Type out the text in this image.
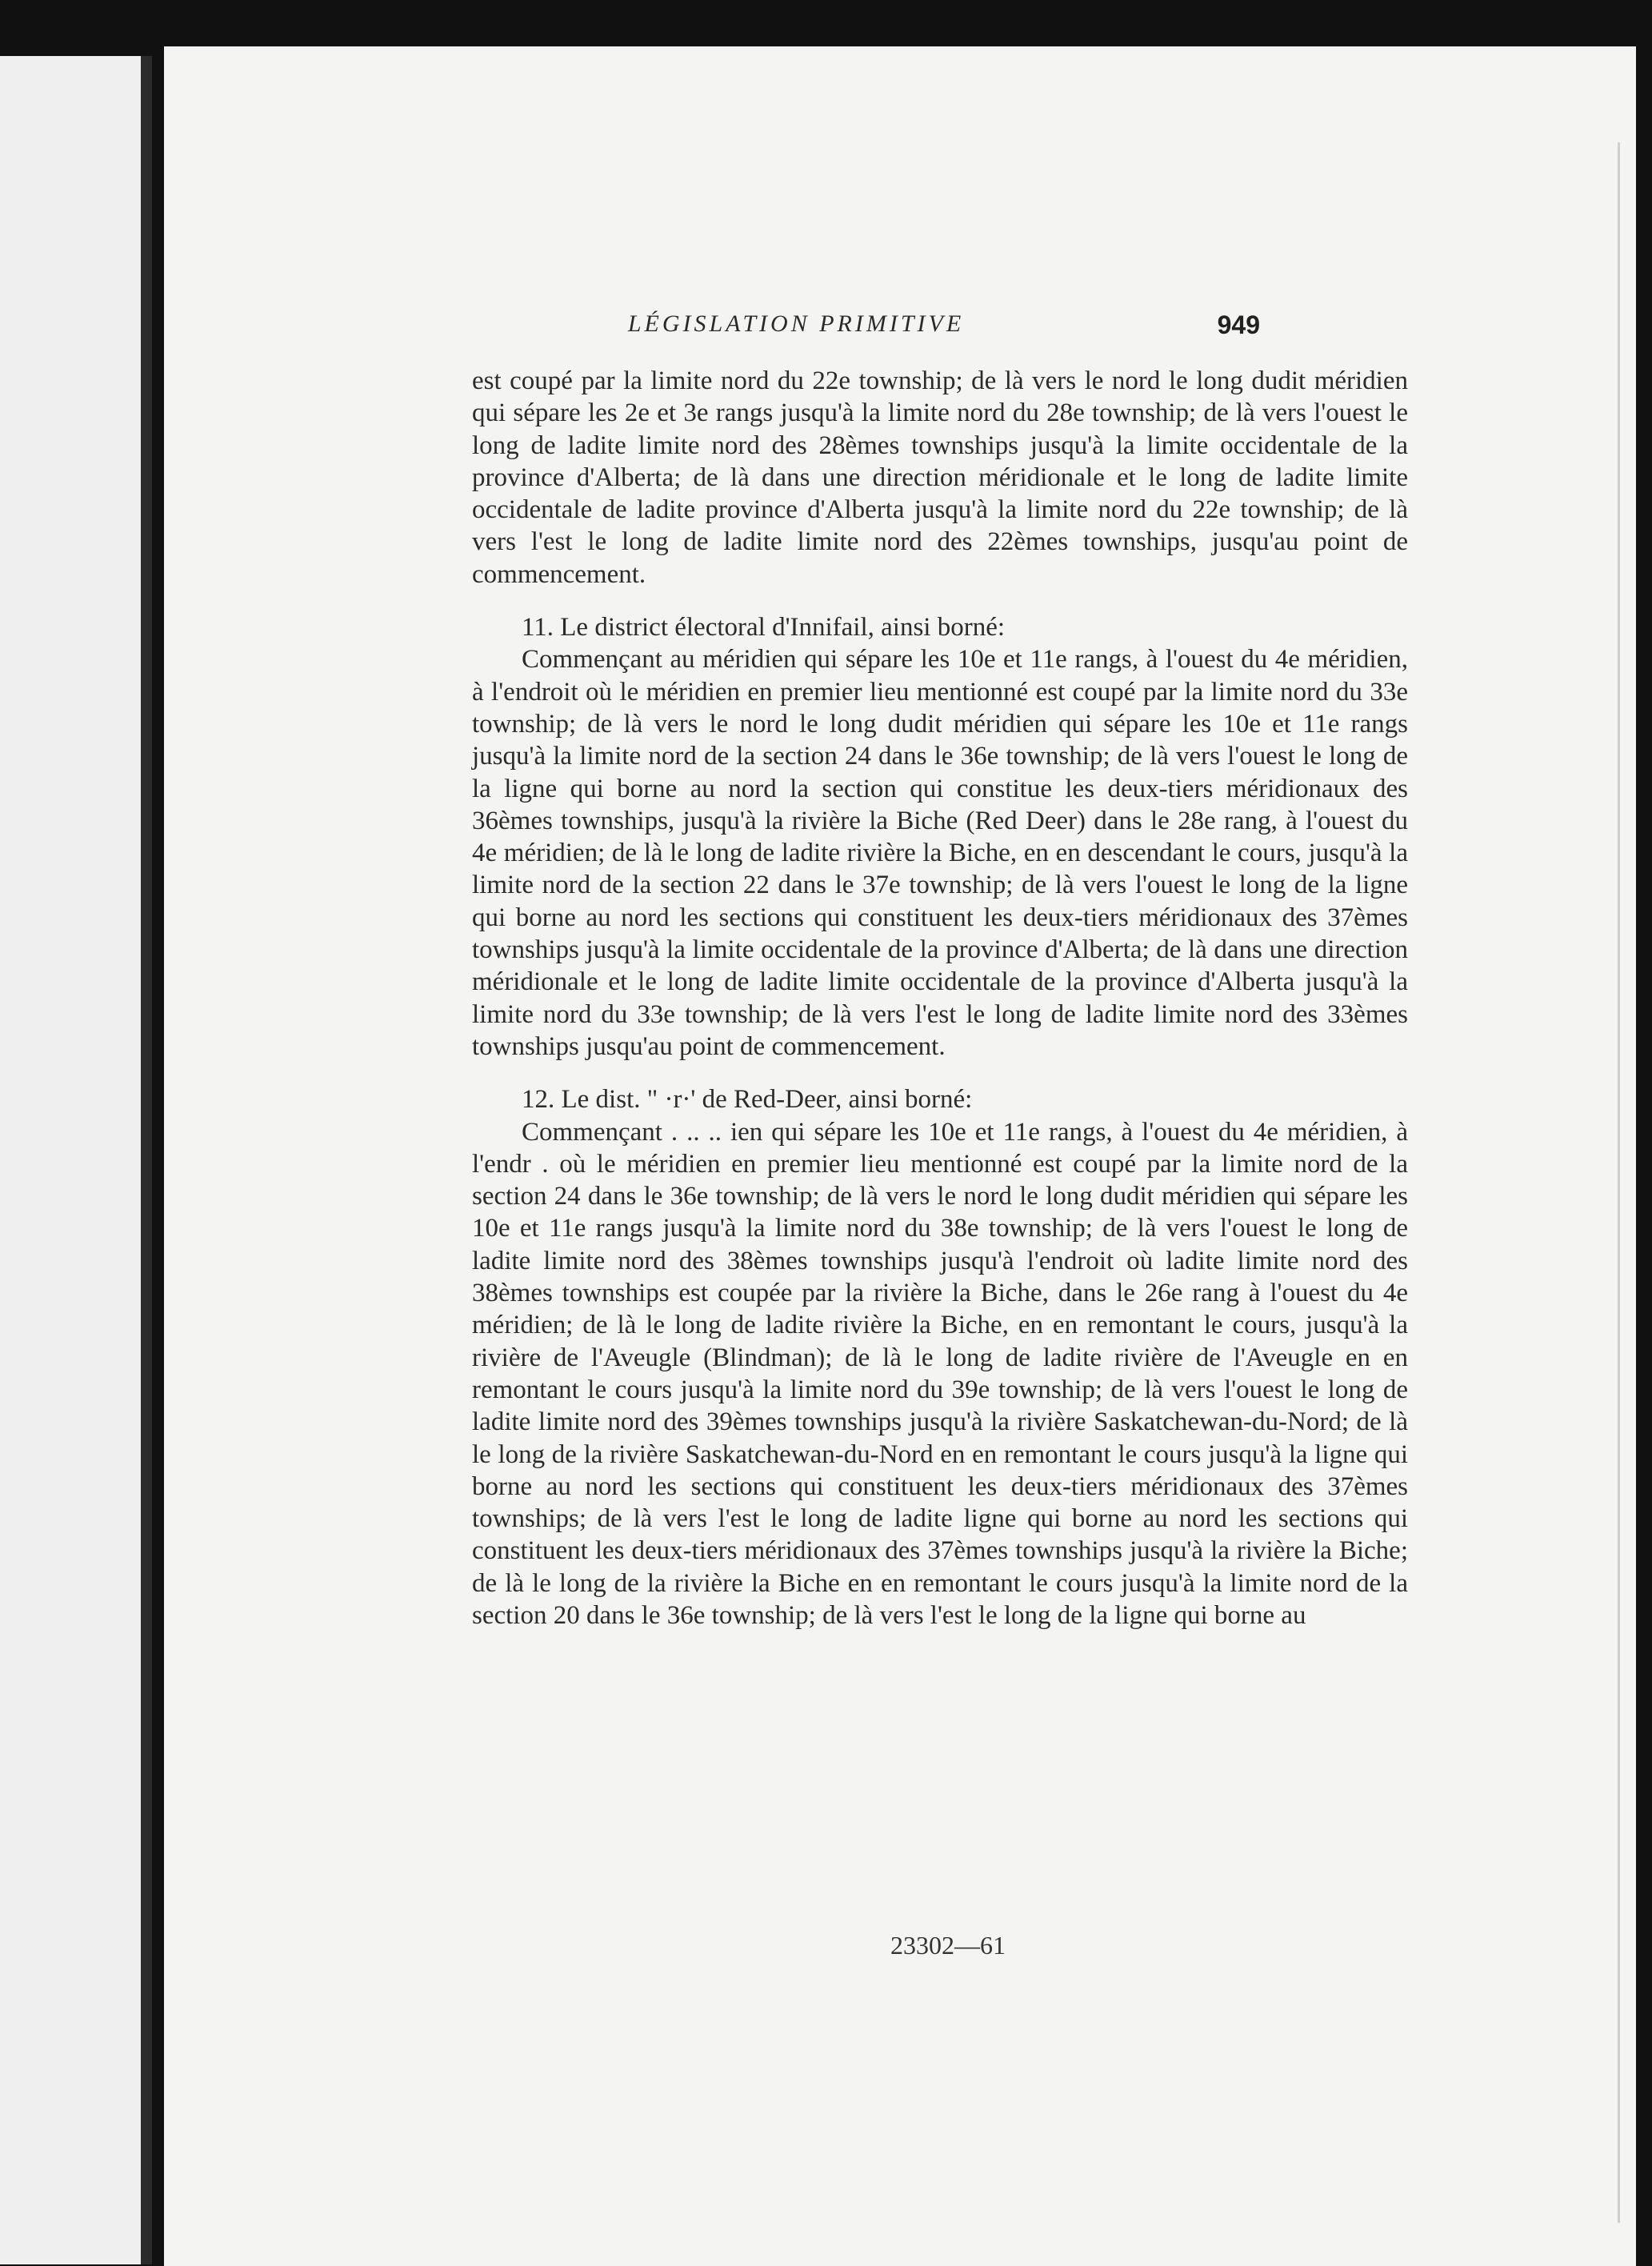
LÉGISLATION PRIMITIVE	949

est coupé par la limite nord du 22e township; de là vers le nord le long dudit méridien qui sépare les 2e et 3e rangs jusqu'à la limite nord du 28e township; de là vers l'ouest le long de ladite limite nord des 28èmes townships jusqu'à la limite occidentale de la province d'Alberta; de là dans une direction méridionale et le long de ladite limite occidentale de ladite province d'Alberta jusqu'à la limite nord du 22e township; de là vers l'est le long de ladite limite nord des 22èmes townships, jusqu'au point de commencement.

11. Le district électoral d'Innifail, ainsi borné:

Commençant au méridien qui sépare les 10e et 11e rangs, à l'ouest du 4e méridien, à l'endroit où le méridien en premier lieu mentionné est coupé par la limite nord du 33e township; de là vers le nord le long dudit méridien qui sépare les 10e et 11e rangs jusqu'à la limite nord de la section 24 dans le 36e township; de là vers l'ouest le long de la ligne qui borne au nord la section qui constitue les deux-tiers méridionaux des 36èmes townships, jusqu'à la rivière la Biche (Red Deer) dans le 28e rang, à l'ouest du 4e méridien; de là le long de ladite rivière la Biche, en en descendant le cours, jusqu'à la limite nord de la section 22 dans le 37e township; de là vers l'ouest le long de la ligne qui borne au nord les sections qui constituent les deux-tiers méridionaux des 37èmes townships jusqu'à la limite occidentale de la province d'Alberta; de là dans une direction méridionale et le long de ladite limite occidentale de la province d'Alberta jusqu'à la limite nord du 33e township; de là vers l'est le long de ladite limite nord des 33èmes townships jusqu'au point de commencement.

12. Le dist. " ·r·' de Red-Deer, ainsi borné:

Commençant . .. .. ien qui sépare les 10e et 11e rangs, à l'ouest du 4e méridien, à l'endr . où le méridien en premier lieu mentionné est coupé par la limite nord de la section 24 dans le 36e township; de là vers le nord le long dudit méridien qui sépare les 10e et 11e rangs jusqu'à la limite nord du 38e township; de là vers l'ouest le long de ladite limite nord des 38èmes townships jusqu'à l'endroit où ladite limite nord des 38èmes townships est coupée par la rivière la Biche, dans le 26e rang à l'ouest du 4e méridien; de là le long de ladite rivière la Biche, en en remontant le cours, jusqu'à la rivière de l'Aveugle (Blindman); de là le long de ladite rivière de l'Aveugle en en remontant le cours jusqu'à la limite nord du 39e township; de là vers l'ouest le long de ladite limite nord des 39èmes townships jusqu'à la rivière Saskatchewan-du-Nord; de là le long de la rivière Saskatchewan-du-Nord en en remontant le cours jusqu'à la ligne qui borne au nord les sections qui constituent les deux-tiers méridionaux des 37èmes townships; de là vers l'est le long de ladite ligne qui borne au nord les sections qui constituent les deux-tiers méridionaux des 37èmes townships jusqu'à la rivière la Biche; de là le long de la rivière la Biche en en remontant le cours jusqu'à la limite nord de la section 20 dans le 36e township; de là vers l'est le long de la ligne qui borne au

23302—61
